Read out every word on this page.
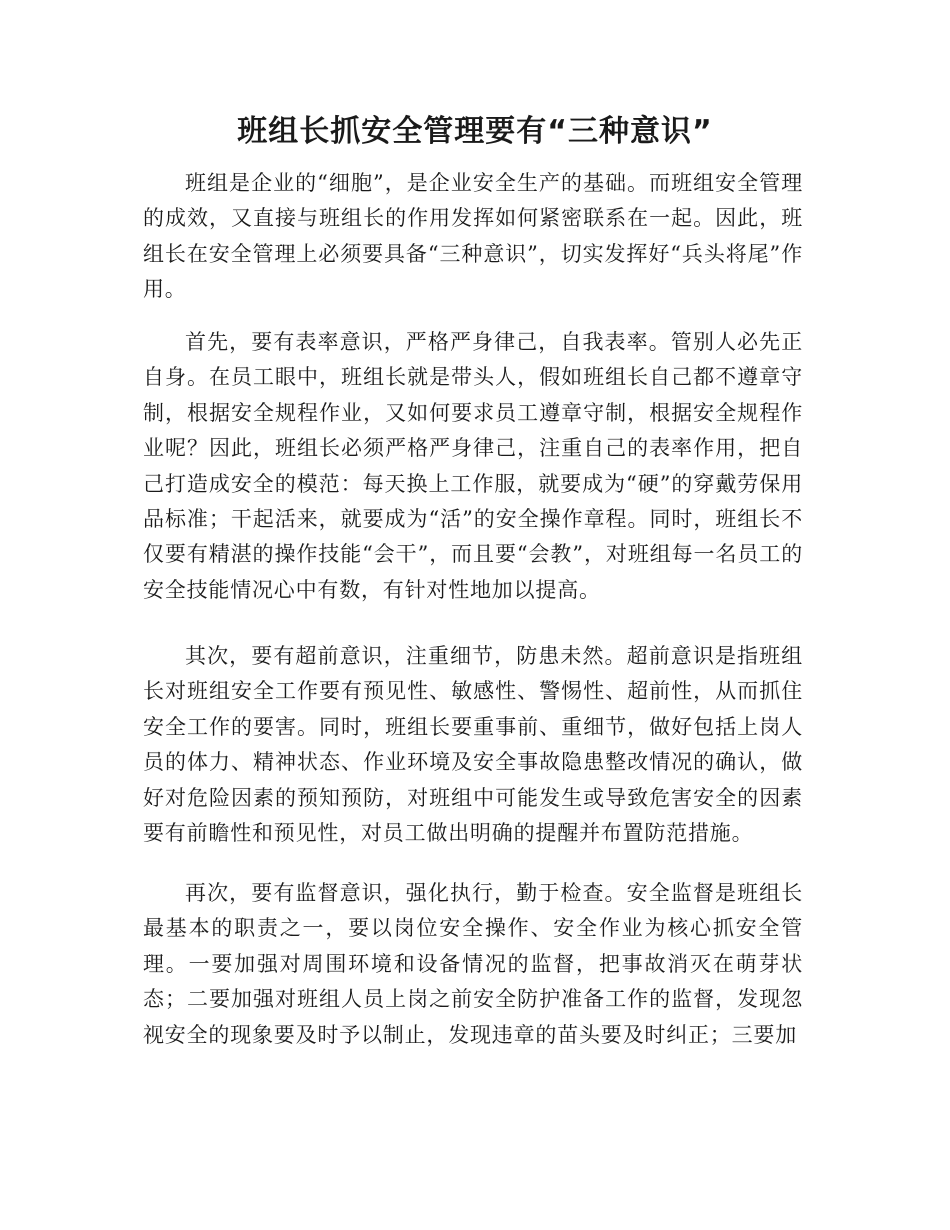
班组长抓安全管理要有“三种意识”

班组是企业的“细胞”，是企业安全生产的基础。而班组安全管理的成效，又直接与班组长的作用发挥如何紧密联系在一起。因此，班组长在安全管理上必须要具备“三种意识”，切实发挥好“兵头将尾”作用。

首先，要有表率意识，严格严身律己，自我表率。管别人必先正自身。在员工眼中，班组长就是带头人，假如班组长自己都不遵章守制，根据安全规程作业，又如何要求员工遵章守制，根据安全规程作业呢？因此，班组长必须严格严身律己，注重自己的表率作用，把自己打造成安全的模范：每天换上工作服，就要成为“硬”的穿戴劳保用品标准；干起活来，就要成为“活”的安全操作章程。同时，班组长不仅要有精湛的操作技能“会干”，而且要“会教”，对班组每一名员工的安全技能情况心中有数，有针对性地加以提高。

其次，要有超前意识，注重细节，防患未然。超前意识是指班组长对班组安全工作要有预见性、敏感性、警惕性、超前性，从而抓住安全工作的要害。同时，班组长要重事前、重细节，做好包括上岗人员的体力、精神状态、作业环境及安全事故隐患整改情况的确认，做好对危险因素的预知预防，对班组中可能发生或导致危害安全的因素要有前瞻性和预见性，对员工做出明确的提醒并布置防范措施。

再次，要有监督意识，强化执行，勤于检查。安全监督是班组长最基本的职责之一，要以岗位安全操作、安全作业为核心抓安全管理。一要加强对周围环境和设备情况的监督，把事故消灭在萌芽状态；二要加强对班组人员上岗之前安全防护准备工作的监督，发现忽视安全的现象要及时予以制止，发现违章的苗头要及时纠正；三要加
